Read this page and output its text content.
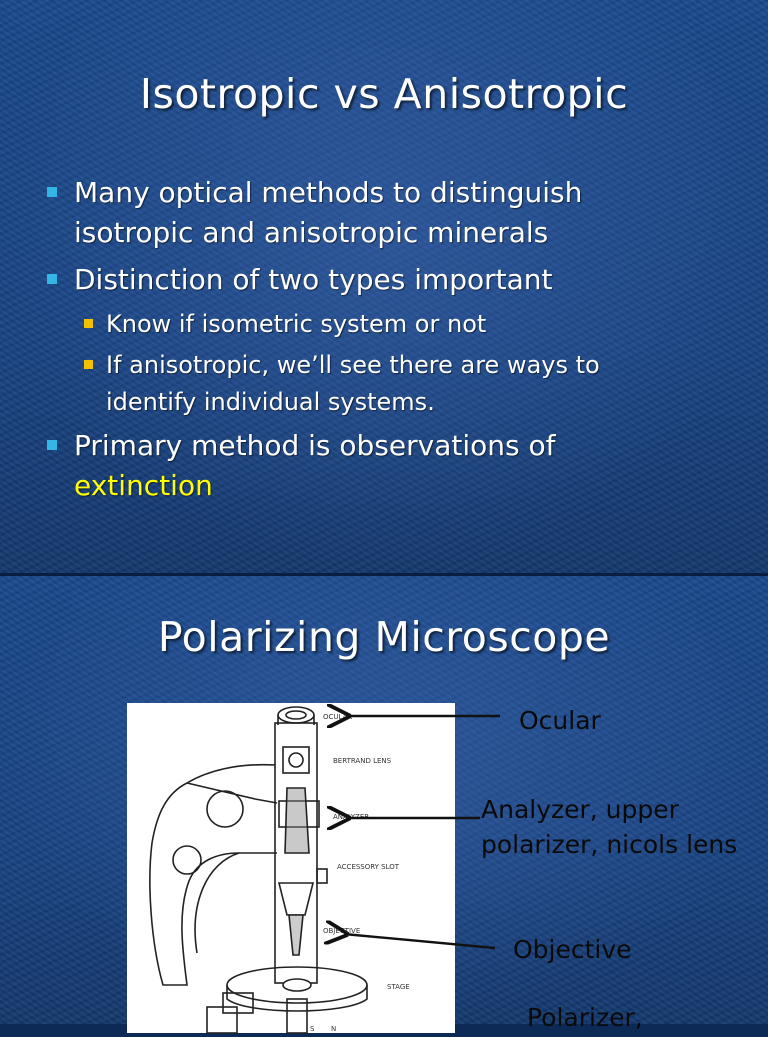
Isotropic vs Anisotropic
Many optical methods to distinguish
isotropic and anisotropic minerals
Distinction of two types important
Know if isometric system or not
If anisotropic, we’ll see there are ways to
identify individual systems.
Primary method is observations of
extinction
Polarizing Microscope
OCULAR
BERTRAND LENS
ANALYZER
ACCESSORY SLOT
OBJECTIVE
STAGE
S N
Ocular
Analyzer, upper
polarizer, nicols lens
Objective
Polarizer,
